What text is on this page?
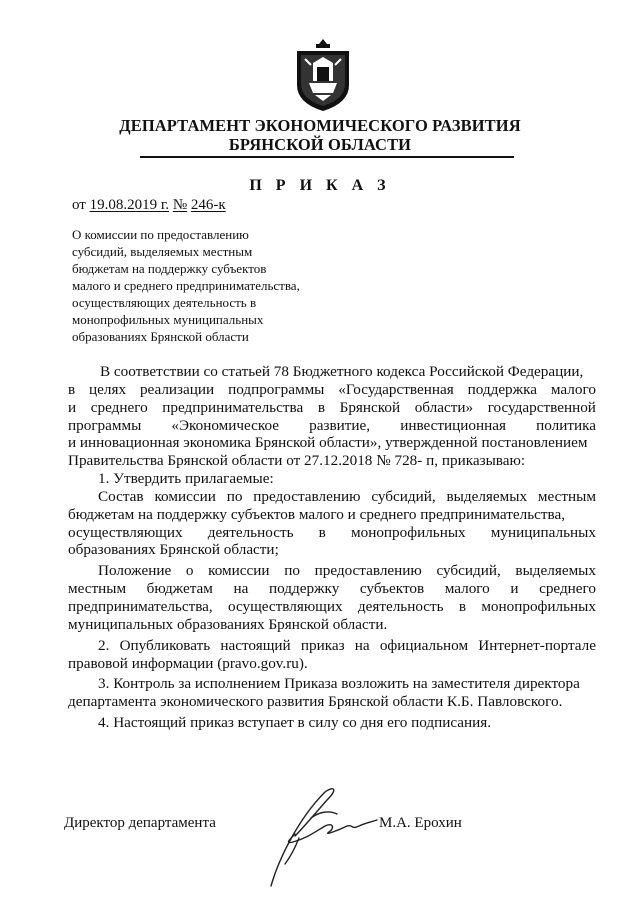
ДЕПАРТАМЕНТ ЭКОНОМИЧЕСКОГО РАЗВИТИЯ
БРЯНСКОЙ ОБЛАСТИ
П Р И К А З
от 19.08.2019 г. № 246-к
О комиссии по предоставлению
субсидий, выделяемых местным
бюджетам на поддержку субъектов
малого и среднего предпринимательства,
осуществляющих деятельность в
монопрофильных муниципальных
образованиях Брянской области
В соответствии со статьей 78 Бюджетного кодекса Российской Федерации,
в целях реализации подпрограммы «Государственная поддержка малого
и среднего предпринимательства в Брянской области» государственной
программы «Экономическое развитие, инвестиционная политика
и инновационная экономика Брянской области», утвержденной постановлением
Правительства Брянской области от 27.12.2018 № 728- п, приказываю:
1. Утвердить прилагаемые:
Состав комиссии по предоставлению субсидий, выделяемых местным
бюджетам на поддержку субъектов малого и среднего предпринимательства,
осуществляющих деятельность в монопрофильных муниципальных
образованиях Брянской области;
Положение о комиссии по предоставлению субсидий, выделяемых
местным бюджетам на поддержку субъектов малого и среднего
предпринимательства, осуществляющих деятельность в монопрофильных
муниципальных образованиях Брянской области.
2. Опубликовать настоящий приказ на официальном Интернет-портале
правовой информации (pravo.gov.ru).
3. Контроль за исполнением Приказа возложить на заместителя директора
департамента экономического развития Брянской области К.Б. Павловского.
4. Настоящий приказ вступает в силу со дня его подписания.
Директор департамента	М.А. Ерохин
